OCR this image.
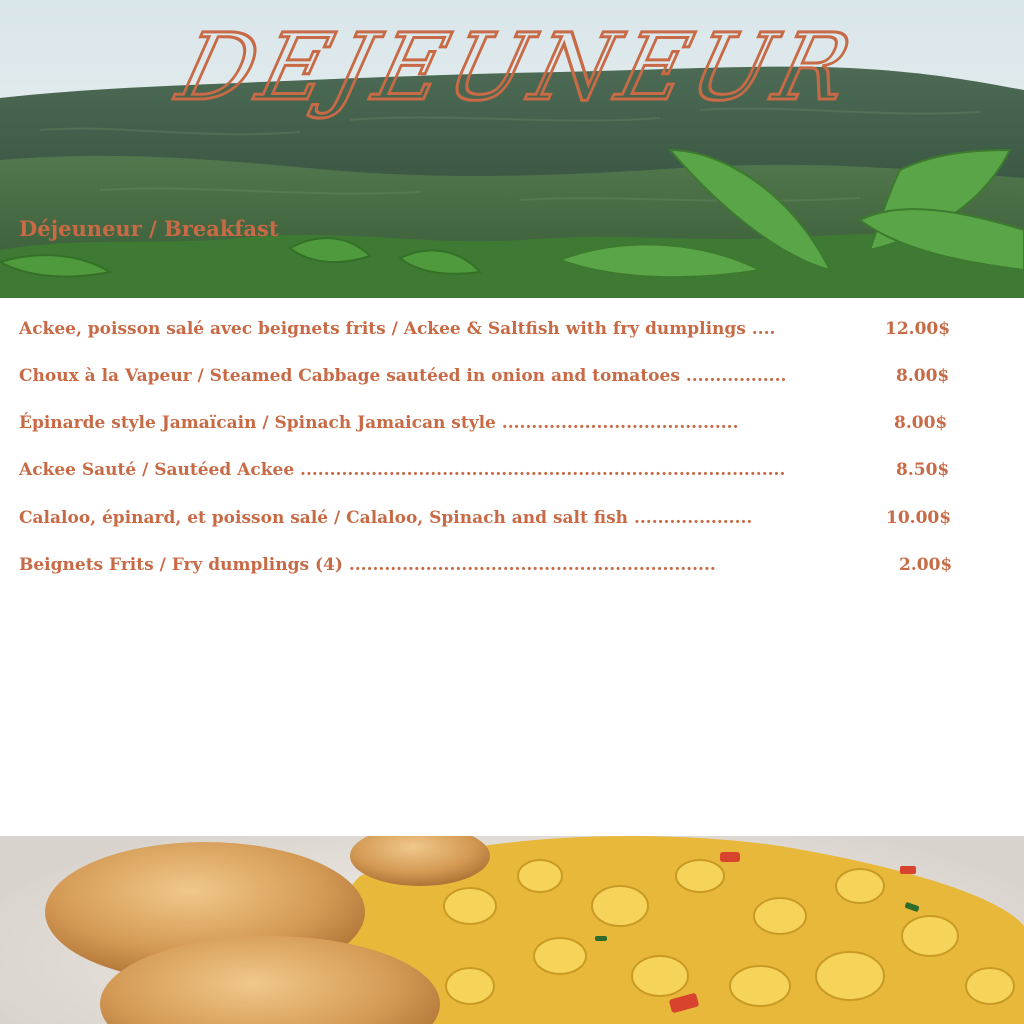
DEJEUNEUR
Déjeuneur / Breakfast
Ackee, poisson salé avec beignets frits / Ackee & Saltfish with fry dumplings ....	12.00$
Choux à la Vapeur / Steamed Cabbage sautéed in onion and tomatoes .................	8.00$
Épinarde style Jamaïcain / Spinach Jamaican style ........................................	8.00$
Ackee Sauté / Sautéed Ackee ..................................................................................	8.50$
Calaloo, épinard, et poisson salé / Calaloo, Spinach and salt fish ....................	10.00$
Beignets Frits / Fry dumplings (4) ..............................................................	2.00$
